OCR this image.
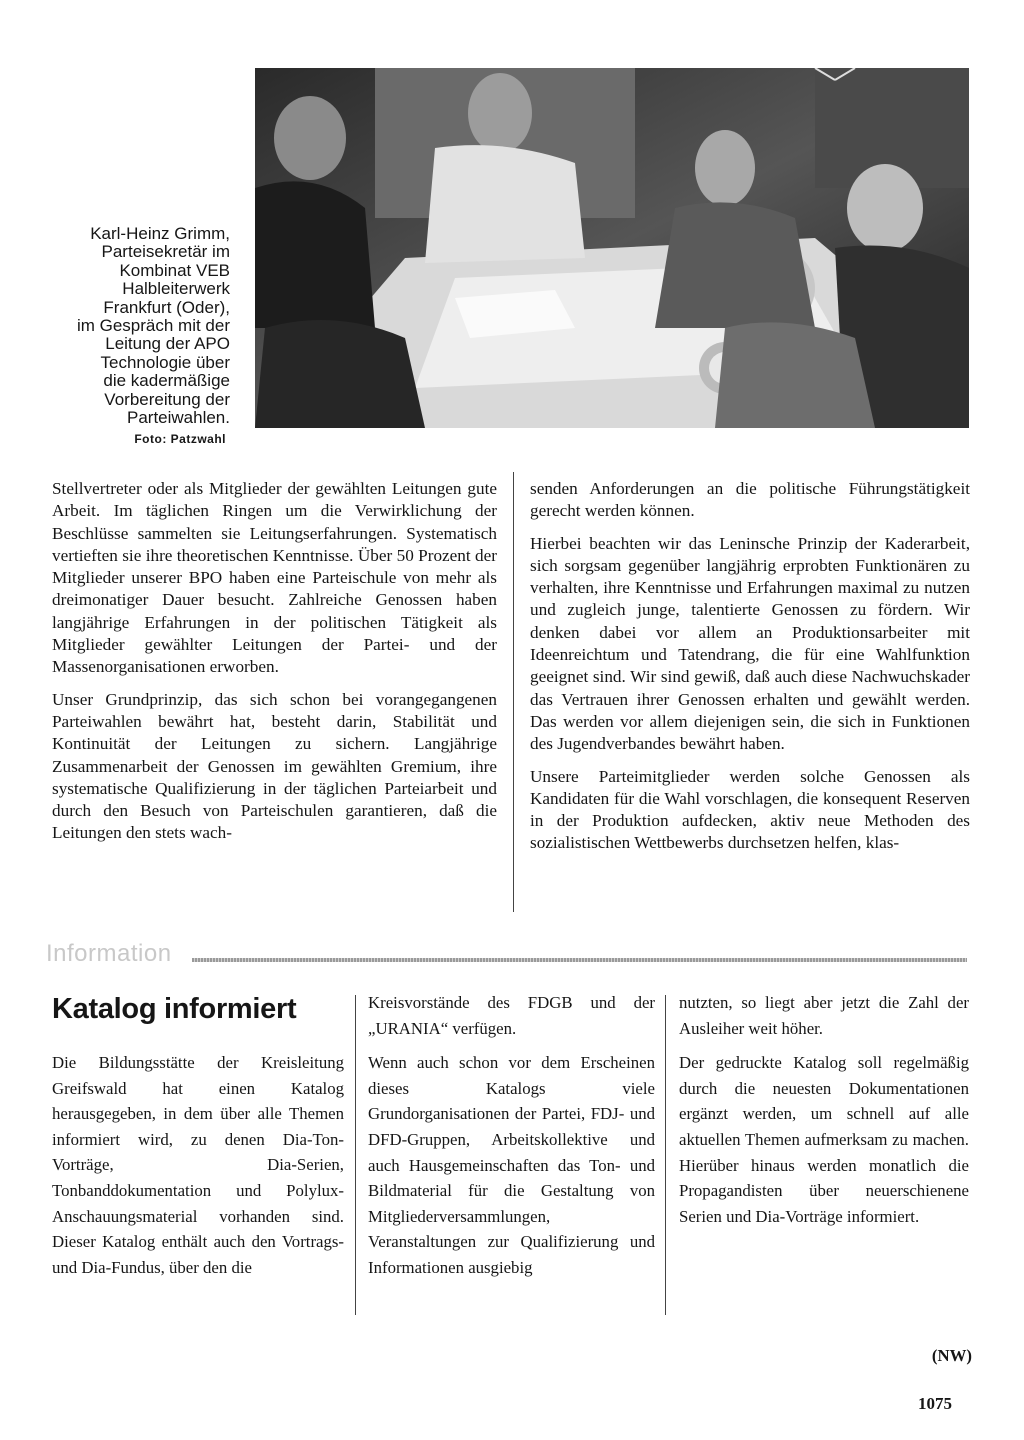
Karl-Heinz Grimm,
Parteisekretär im
Kombinat VEB
Halbleiterwerk
Frankfurt (Oder),
im Gespräch mit der
Leitung der APO
Technologie über
die kadermäßige
Vorbereitung der
Parteiwahlen.
Foto: Patzwahl

Stellvertreter oder als Mitglieder der gewählten Leitungen gute Arbeit. Im täglichen Ringen um die Verwirklichung der Beschlüsse sammelten sie Leitungserfahrungen. Systematisch vertieften sie ihre theoretischen Kenntnisse. Über 50 Prozent der Mitglieder unserer BPO haben eine Parteischule von mehr als dreimonatiger Dauer besucht. Zahlreiche Genossen haben langjährige Erfahrungen in der politischen Tätigkeit als Mitglieder gewählter Leitungen der Partei- und der Massenorganisationen erworben.

Unser Grundprinzip, das sich schon bei vorangegangenen Parteiwahlen bewährt hat, besteht darin, Stabilität und Kontinuität der Leitungen zu sichern. Langjährige Zusammenarbeit der Genossen im gewählten Gremium, ihre systematische Qualifizierung in der täglichen Parteiarbeit und durch den Besuch von Parteischulen garantieren, daß die Leitungen den stets wach-

senden Anforderungen an die politische Führungstätigkeit gerecht werden können.

Hierbei beachten wir das Leninsche Prinzip der Kaderarbeit, sich sorgsam gegenüber langjährig erprobten Funktionären zu verhalten, ihre Kenntnisse und Erfahrungen maximal zu nutzen und zugleich junge, talentierte Genossen zu fördern. Wir denken dabei vor allem an Produktionsarbeiter mit Ideenreichtum und Tatendrang, die für eine Wahlfunktion geeignet sind. Wir sind gewiß, daß auch diese Nachwuchskader das Vertrauen ihrer Genossen erhalten und gewählt werden. Das werden vor allem diejenigen sein, die sich in Funktionen des Jugendverbandes bewährt haben.

Unsere Parteimitglieder werden solche Genossen als Kandidaten für die Wahl vorschlagen, die konsequent Reserven in der Produktion aufdecken, aktiv neue Methoden des sozialistischen Wettbewerbs durchsetzen helfen, klas-

Information
Katalog informiert

Die Bildungsstätte der Kreisleitung Greifswald hat einen Katalog herausgegeben, in dem über alle Themen informiert wird, zu denen Dia-Ton-Vorträge, Dia-Serien, Tonbanddokumentation und Polylux-Anschauungsmaterial vorhanden sind. Dieser Katalog enthält auch den Vortrags- und Dia-Fundus, über den die

Kreisvorstände des FDGB und der „URANIA“ verfügen.

Wenn auch schon vor dem Erscheinen dieses Katalogs viele Grundorganisationen der Partei, FDJ- und DFD-Gruppen, Arbeitskollektive und auch Hausgemeinschaften das Ton- und Bildmaterial für die Gestaltung von Mitgliederversammlungen, Veranstaltungen zur Qualifizierung und Informationen ausgiebig

nutzten, so liegt aber jetzt die Zahl der Ausleiher weit höher.

Der gedruckte Katalog soll regelmäßig durch die neuesten Dokumentationen ergänzt werden, um schnell auf alle aktuellen Themen aufmerksam zu machen. Hierüber hinaus werden monatlich die Propagandisten über neuerschienene Serien und Dia-Vorträge informiert.

(NW)
1075
